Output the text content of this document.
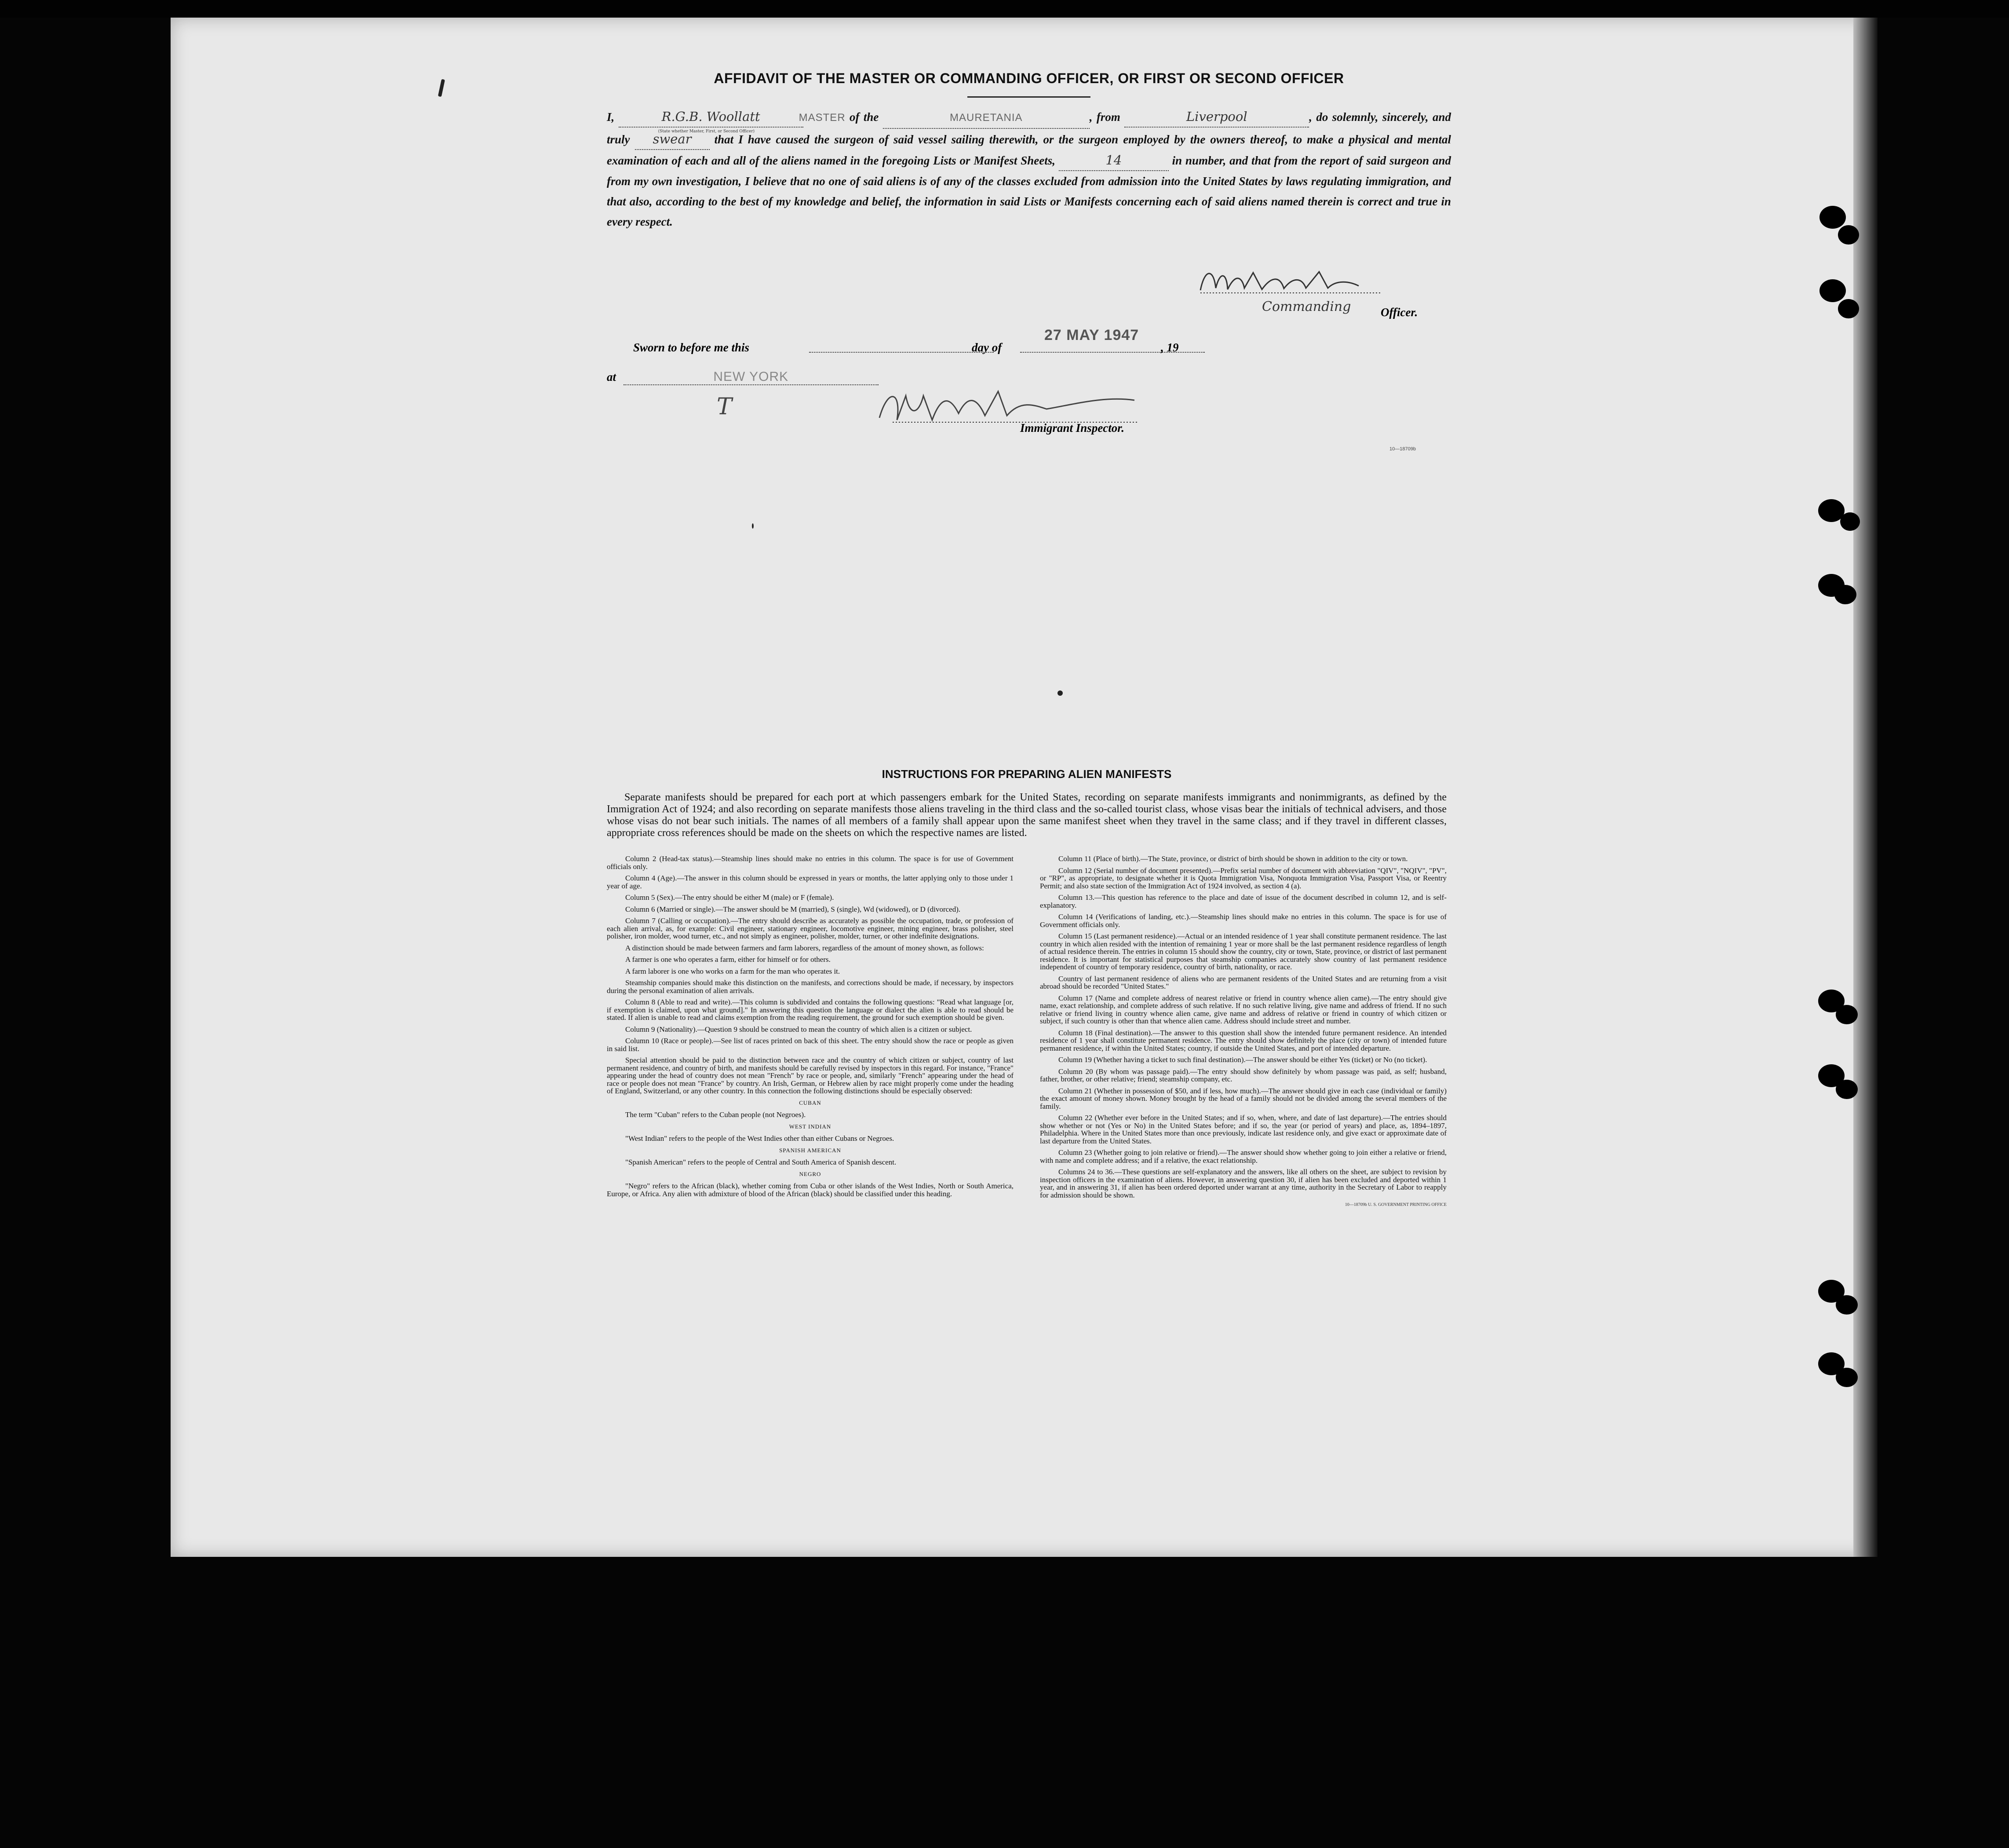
AFFIDAVIT OF THE MASTER OR COMMANDING OFFICER, OR FIRST OR SECOND OFFICER

I,	R.G.B. Woollatt
(State whether Master, First, or Second Officer)
MASTER of the	MAURETANIA	, from	Liverpool	, do solemnly, sincerely, and truly swear that I have caused the surgeon of said vessel sailing therewith, or the surgeon employed by the owners thereof, to make a physical and mental examination of each and all of the aliens named in the foregoing Lists or Manifest Sheets,	14	in number, and that from the report of said surgeon and from my own investigation, I believe that no one of said aliens is of any of the classes excluded from admission into the United States by laws regulating immigration, and that also, according to the best of my knowledge and belief, the information in said Lists or Manifests concerning each of said aliens named therein is correct and true in every respect.

Commanding	Officer.
Sworn to before me this	day of
27 MAY 1947
, 19
at	NEW YORK
T
Immigrant Inspector.
10—18709b
INSTRUCTIONS FOR PREPARING ALIEN MANIFESTS

Separate manifests should be prepared for each port at which passengers embark for the United States, recording on separate manifests immigrants and nonimmigrants, as defined by the Immigration Act of 1924; and also recording on separate manifests those aliens traveling in the third class and the so-called tourist class, whose visas bear the initials of technical advisers, and those whose visas do not bear such initials. The names of all members of a family shall appear upon the same manifest sheet when they travel in the same class; and if they travel in different classes, appropriate cross references should be made on the sheets on which the respective names are listed.

Column 2 (Head-tax status).—Steamship lines should make no entries in this column. The space is for use of Government officials only.

Column 4 (Age).—The answer in this column should be expressed in years or months, the latter applying only to those under 1 year of age.

Column 5 (Sex).—The entry should be either M (male) or F (female).

Column 6 (Married or single).—The answer should be M (married), S (single), Wd (widowed), or D (divorced).

Column 7 (Calling or occupation).—The entry should describe as accurately as possible the occupation, trade, or profession of each alien arrival, as, for example: Civil engineer, stationary engineer, locomotive engineer, mining engineer, brass polisher, steel polisher, iron molder, wood turner, etc., and not simply as engineer, polisher, molder, turner, or other indefinite designations.

A distinction should be made between farmers and farm laborers, regardless of the amount of money shown, as follows:

A farmer is one who operates a farm, either for himself or for others.

A farm laborer is one who works on a farm for the man who operates it.

Steamship companies should make this distinction on the manifests, and corrections should be made, if necessary, by inspectors during the personal examination of alien arrivals.

Column 8 (Able to read and write).—This column is subdivided and contains the following questions: "Read what language [or, if exemption is claimed, upon what ground]." In answering this question the language or dialect the alien is able to read should be stated. If alien is unable to read and claims exemption from the reading requirement, the ground for such exemption should be given.

Column 9 (Nationality).—Question 9 should be construed to mean the country of which alien is a citizen or subject.

Column 10 (Race or people).—See list of races printed on back of this sheet. The entry should show the race or people as given in said list.

Special attention should be paid to the distinction between race and the country of which citizen or subject, country of last permanent residence, and country of birth, and manifests should be carefully revised by inspectors in this regard. For instance, "France" appearing under the head of country does not mean "French" by race or people, and, similarly "French" appearing under the head of race or people does not mean "France" by country. An Irish, German, or Hebrew alien by race might properly come under the heading of England, Switzerland, or any other country. In this connection the following distinctions should be especially observed:

CUBAN

The term "Cuban" refers to the Cuban people (not Negroes).

WEST INDIAN

"West Indian" refers to the people of the West Indies other than either Cubans or Negroes.

SPANISH AMERICAN

"Spanish American" refers to the people of Central and South America of Spanish descent.

NEGRO

"Negro" refers to the African (black), whether coming from Cuba or other islands of the West Indies, North or South America, Europe, or Africa. Any alien with admixture of blood of the African (black) should be classified under this heading.

Column 11 (Place of birth).—The State, province, or district of birth should be shown in addition to the city or town.

Column 12 (Serial number of document presented).—Prefix serial number of document with abbreviation "QIV", "NQIV", "PV", or "RP", as appropriate, to designate whether it is Quota Immigration Visa, Nonquota Immigration Visa, Passport Visa, or Reentry Permit; and also state section of the Immigration Act of 1924 involved, as section 4 (a).

Column 13.—This question has reference to the place and date of issue of the document described in column 12, and is self-explanatory.

Column 14 (Verifications of landing, etc.).—Steamship lines should make no entries in this column. The space is for use of Government officials only.

Column 15 (Last permanent residence).—Actual or an intended residence of 1 year shall constitute permanent residence. The last country in which alien resided with the intention of remaining 1 year or more shall be the last permanent residence regardless of length of actual residence therein. The entries in column 15 should show the country, city or town, State, province, or district of last permanent residence. It is important for statistical purposes that steamship companies accurately show country of last permanent residence independent of country of temporary residence, country of birth, nationality, or race.

Country of last permanent residence of aliens who are permanent residents of the United States and are returning from a visit abroad should be recorded "United States."

Column 17 (Name and complete address of nearest relative or friend in country whence alien came).—The entry should give name, exact relationship, and complete address of such relative. If no such relative living, give name and address of friend. If no such relative or friend living in country whence alien came, give name and address of relative or friend in country of which citizen or subject, if such country is other than that whence alien came. Address should include street and number.

Column 18 (Final destination).—The answer to this question shall show the intended future permanent residence. An intended residence of 1 year shall constitute permanent residence. The entry should show definitely the place (city or town) of intended future permanent residence, if within the United States; country, if outside the United States, and port of intended departure.

Column 19 (Whether having a ticket to such final destination).—The answer should be either Yes (ticket) or No (no ticket).

Column 20 (By whom was passage paid).—The entry should show definitely by whom passage was paid, as self; husband, father, brother, or other relative; friend; steamship company, etc.

Column 21 (Whether in possession of $50, and if less, how much).—The answer should give in each case (individual or family) the exact amount of money shown. Money brought by the head of a family should not be divided among the several members of the family.

Column 22 (Whether ever before in the United States; and if so, when, where, and date of last departure).—The entries should show whether or not (Yes or No) in the United States before; and if so, the year (or period of years) and place, as, 1894–1897, Philadelphia. Where in the United States more than once previously, indicate last residence only, and give exact or approximate date of last departure from the United States.

Column 23 (Whether going to join relative or friend).—The answer should show whether going to join either a relative or friend, with name and complete address; and if a relative, the exact relationship.

Columns 24 to 36.—These questions are self-explanatory and the answers, like all others on the sheet, are subject to revision by inspection officers in the examination of aliens. However, in answering question 30, if alien has been excluded and deported within 1 year, and in answering 31, if alien has been ordered deported under warrant at any time, authority in the Secretary of Labor to reapply for admission should be shown.

10—18709b U. S. GOVERNMENT PRINTING OFFICE
